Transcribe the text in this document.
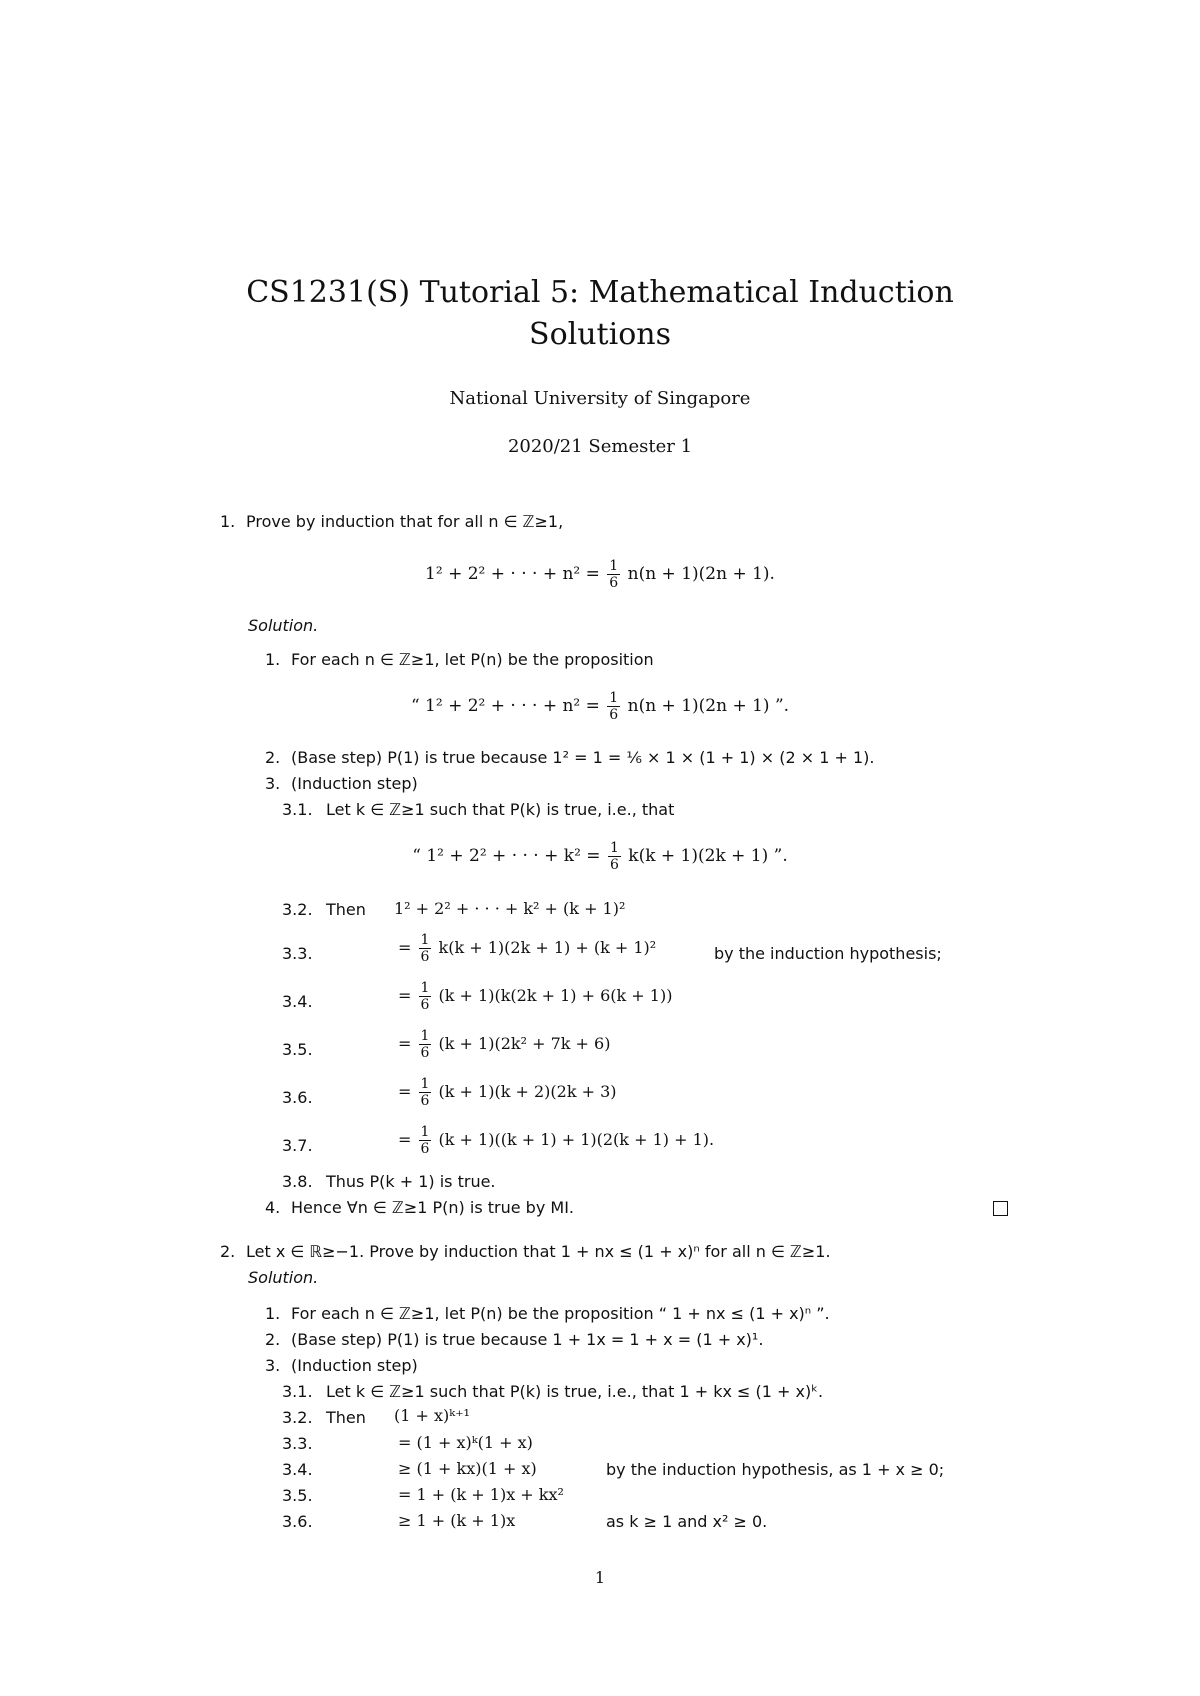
CS1231(S) Tutorial 5: Mathematical Induction
Solutions
National University of Singapore
2020/21 Semester 1
1. Prove by induction that for all n ∈ ℤ≥1,
1² + 2² + · · · + $n^2 = \frac{1}{6} n(n + 1)(2n + 1)$.
Solution.
1. For each n ∈ ℤ≥1, let P(n) be the proposition
“ 1² + 2² + · · · + $n^2 = \frac{1}{6} n(n + 1)(2n + 1)$ ”.
2. (Base step) P(1) is true because 1² = 1 = ⅙ × 1 × (1 + 1) × (2 × 1 + 1).
3. (Induction step)
3.1. Let k ∈ ℤ≥1 such that P(k) is true, i.e., that
“ 1² + 2² + · · · + $k^2 = \frac{1}{6} k(k + 1)(2k + 1)$ ”.
3.2. Then 1² + 2² + · · · + k² + (k + 1)²
3.3.	= $\frac{1}{6} k(k + 1)(2k + 1) + (k + 1)^2$	by the induction hypothesis;
3.4.	= $\frac{1}{6} (k + 1)(k(2k + 1) + 6(k + 1))$
3.5.	= $\frac{1}{6} (k + 1)(2k^2 + 7k + 6)$
3.6.	= $\frac{1}{6} (k + 1)(k + 2)(2k + 3)$
3.7.	= $\frac{1}{6} (k + 1)((k + 1) + 1)(2(k + 1) + 1)$.
3.8. Thus P(k + 1) is true.
4. Hence ∀n ∈ ℤ≥1 P(n) is true by MI.
2. Let x ∈ ℝ≥−1. Prove by induction that 1 + nx ≤ (1 + x)ⁿ for all n ∈ ℤ≥1.
Solution.
1. For each n ∈ ℤ≥1, let P(n) be the proposition “ 1 + nx ≤ (1 + x)ⁿ ”.
2. (Base step) P(1) is true because 1 + 1x = 1 + x = (1 + x)¹.
3. (Induction step)
3.1. Let k ∈ ℤ≥1 such that P(k) is true, i.e., that 1 + kx ≤ (1 + x)ᵏ.
3.2. Then (1 + x)ᵏ⁺¹
3.3.	= (1 + x)ᵏ(1 + x)
3.4.	≥ (1 + kx)(1 + x)	by the induction hypothesis, as 1 + x ≥ 0;
3.5.	= 1 + (k + 1)x + kx²
3.6.	≥ 1 + (k + 1)x	as k ≥ 1 and x² ≥ 0.
1
